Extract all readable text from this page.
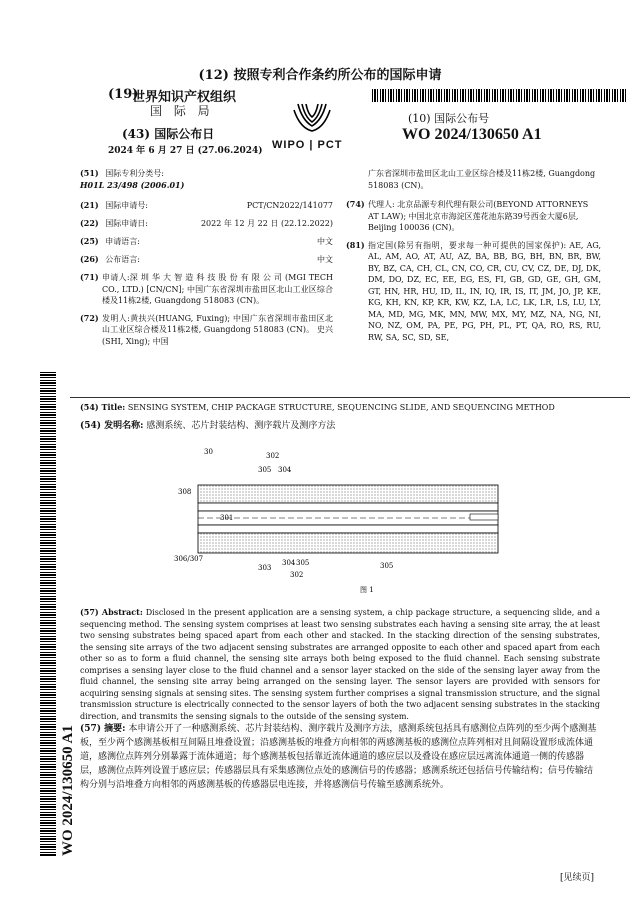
(12) 按照专利合作条约所公布的国际申请
(19)
世界知识产权组织
国 际 局
(43) 国际公布日
2024 年 6 月 27 日 (27.06.2024) WIPO | PCT
(10) 国际公布号
WO 2024/130650 A1
(51) 国际专利分类号:
H01L 23/498 (2006.01)
(21) 国际申请号:	PCT/CN2022/141077
(22) 国际申请日:	2022 年 12 月 22 日 (22.12.2022)
(25) 申请语言:	中文
(26) 公布语言:	中文
(71) 申请人:深 圳 华 大 智 造 科 技 股 份 有 限 公 司 (MGI TECH CO., LTD.) [CN/CN]; 中国广东省深圳市盐田区北山工业区综合楼及11栋2楼, Guangdong 518083 (CN)。
(72) 发明人:黄扶兴(HUANG, Fuxing); 中国广东省深圳市盐田区北山工业区综合楼及11栋2楼, Guangdong 518083 (CN)。 史兴(SHI, Xing); 中国
广东省深圳市盐田区北山工业区综合楼及11栋2楼, Guangdong 518083 (CN)。
(74) 代理人: 北京品源专利代理有限公司(BEYOND ATTORNEYS AT LAW); 中国北京市海淀区莲花池东路39号西金大厦6层, Beijing 100036 (CN)。
(81) 指定国(除另有指明，要求每一种可提供的国家保护): AE, AG, AL, AM, AO, AT, AU, AZ, BA, BB, BG, BH, BN, BR, BW, BY, BZ, CA, CH, CL, CN, CO, CR, CU, CV, CZ, DE, DJ, DK, DM, DO, DZ, EC, EE, EG, ES, FI, GB, GD, GE, GH, GM, GT, HN, HR, HU, ID, IL, IN, IQ, IR, IS, IT, JM, JO, JP, KE, KG, KH, KN, KP, KR, KW, KZ, LA, LC, LK, LR, LS, LU, LY, MA, MD, MG, MK, MN, MW, MX, MY, MZ, NA, NG, NI, NO, NZ, OM, PA, PE, PG, PH, PL, PT, QA, RO, RS, RU, RW, SA, SC, SD, SE,
WO 2024/130650 A1
(54) Title: SENSING SYSTEM, CHIP PACKAGE STRUCTURE, SEQUENCING SLIDE, AND SEQUENCING METHOD
(54) 发明名称: 感测系统、芯片封装结构、测序载片及测序方法
30	302
305 304
308
301
306/307
303
304 305
302
305
图 1
(57) Abstract: Disclosed in the present application are a sensing system, a chip package structure, a sequencing slide, and a sequencing method. The sensing system comprises at least two sensing substrates each having a sensing site array, the at least two sensing substrates being spaced apart from each other and stacked. In the stacking direction of the sensing substrates, the sensing site arrays of the two adjacent sensing substrates are arranged opposite to each other and spaced apart from each other so as to form a fluid channel, the sensing site arrays both being exposed to the fluid channel. Each sensing substrate comprises a sensing layer close to the fluid channel and a sensor layer stacked on the side of the sensing layer away from the fluid channel, the sensing site array being arranged on the sensing layer. The sensor layers are provided with sensors for acquiring sensing signals at sensing sites. The sensing system further comprises a signal transmission structure, and the signal transmission structure is electrically connected to the sensor layers of both the two adjacent sensing substrates in the stacking direction, and transmits the sensing signals to the outside of the sensing system.
(57) 摘要: 本申请公开了一种感测系统、芯片封装结构、测序载片及测序方法，感测系统包括具有感测位点阵列的至少两个感测基板，至少两个感测基板相互间隔且堆叠设置；沿感测基板的堆叠方向相邻的两感测基板的感测位点阵列相对且间隔设置形成流体通道，感测位点阵列分别暴露于流体通道；每个感测基板包括靠近流体通道的感应层以及叠设在感应层远离流体通道一侧的传感器层，感测位点阵列设置于感应层；传感器层具有采集感测位点处的感测信号的传感器；感测系统还包括信号传输结构；信号传输结构分别与沿堆叠方向相邻的两感测基板的传感器层电连接，并将感测信号传输至感测系统外。
[见续页]
